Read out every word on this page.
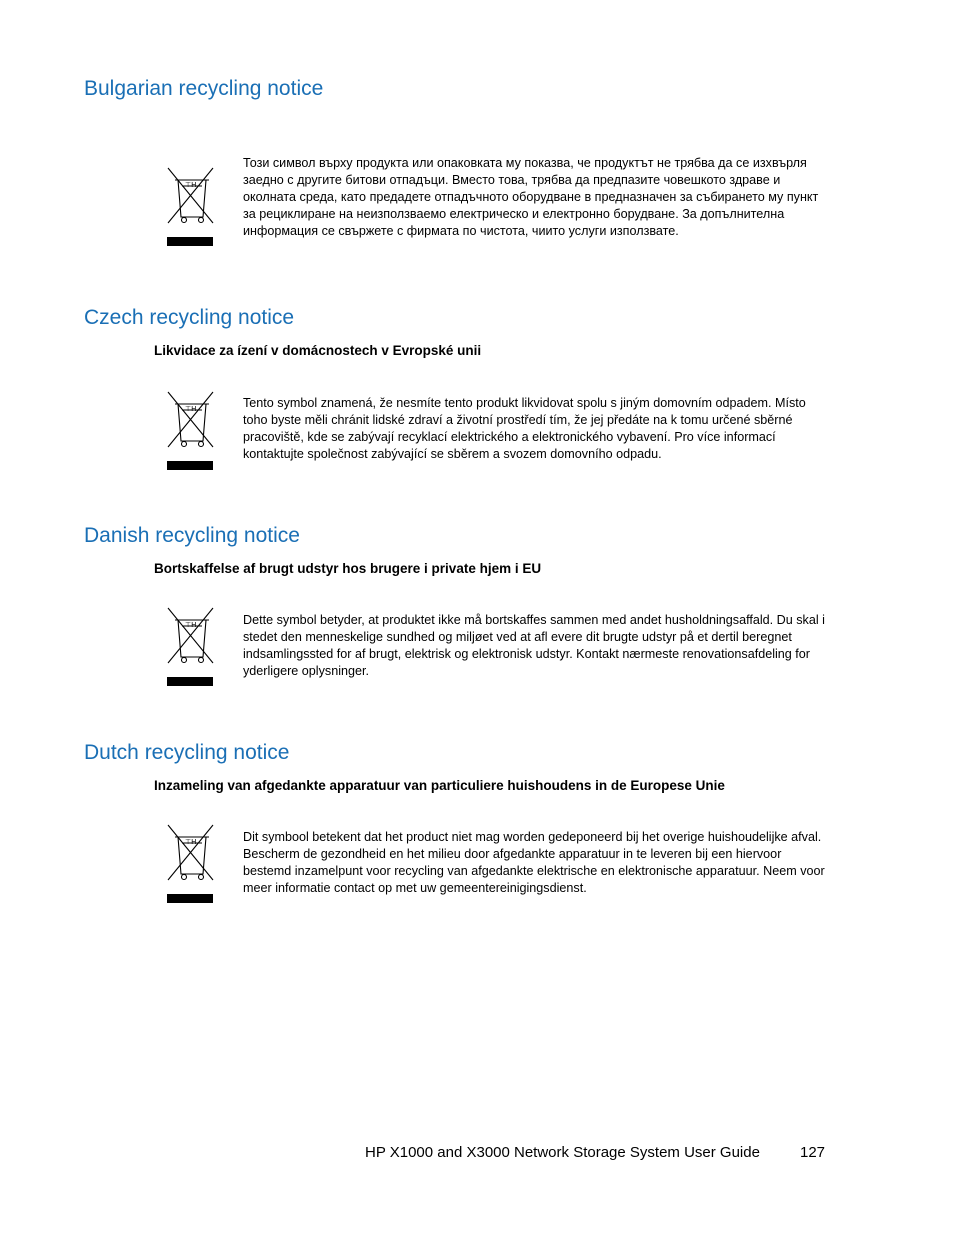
Bulgarian recycling notice
⊤H

Този символ върху продукта или опаковката му показва, че продуктът не трябва да се изхвърля заедно с другите битови отпадъци. Вместо това, трябва да предпазите човешкото здраве и околната среда, като предадете отпадъчното оборудване в предназначен за събирането му пункт за рециклиране на неизползваемо електрическо и електронно борудване. За допълнителна информация се свържете с фирмата по чистота, чиито услуги използвате.

Czech recycling notice

Likvidace za ízení v domácnostech v Evropské unii

⊤H	Tento symbol znamená, že nesmíte tento produkt likvidovat spolu s jiným domovním odpadem. Místo toho byste měli chránit lidské zdraví a životní prostředí tím, že jej předáte na k tomu určené sběrné pracoviště, kde se zabývají recyklací elektrického a elektronického vybavení. Pro více informací kontaktujte společnost zabývající se sběrem a svozem domovního odpadu.

Danish recycling notice

Bortskaffelse af brugt udstyr hos brugere i private hjem i EU

⊤H	Dette symbol betyder, at produktet ikke må bortskaffes sammen med andet husholdningsaffald. Du skal i stedet den menneskelige sundhed og miljøet ved at afl evere dit brugte udstyr på et dertil beregnet indsamlingssted for af brugt, elektrisk og elektronisk udstyr. Kontakt nærmeste renovationsafdeling for yderligere oplysninger.

Dutch recycling notice

Inzameling van afgedankte apparatuur van particuliere huishoudens in de Europese Unie

⊤H	Dit symbool betekent dat het product niet mag worden gedeponeerd bij het overige huishoudelijke afval. Bescherm de gezondheid en het milieu door afgedankte apparatuur in te leveren bij een hiervoor bestemd inzamelpunt voor recycling van afgedankte elektrische en elektronische apparatuur. Neem voor meer informatie contact op met uw gemeentereinigingsdienst.

HP X1000 and X3000 Network Storage System User Guide	127
